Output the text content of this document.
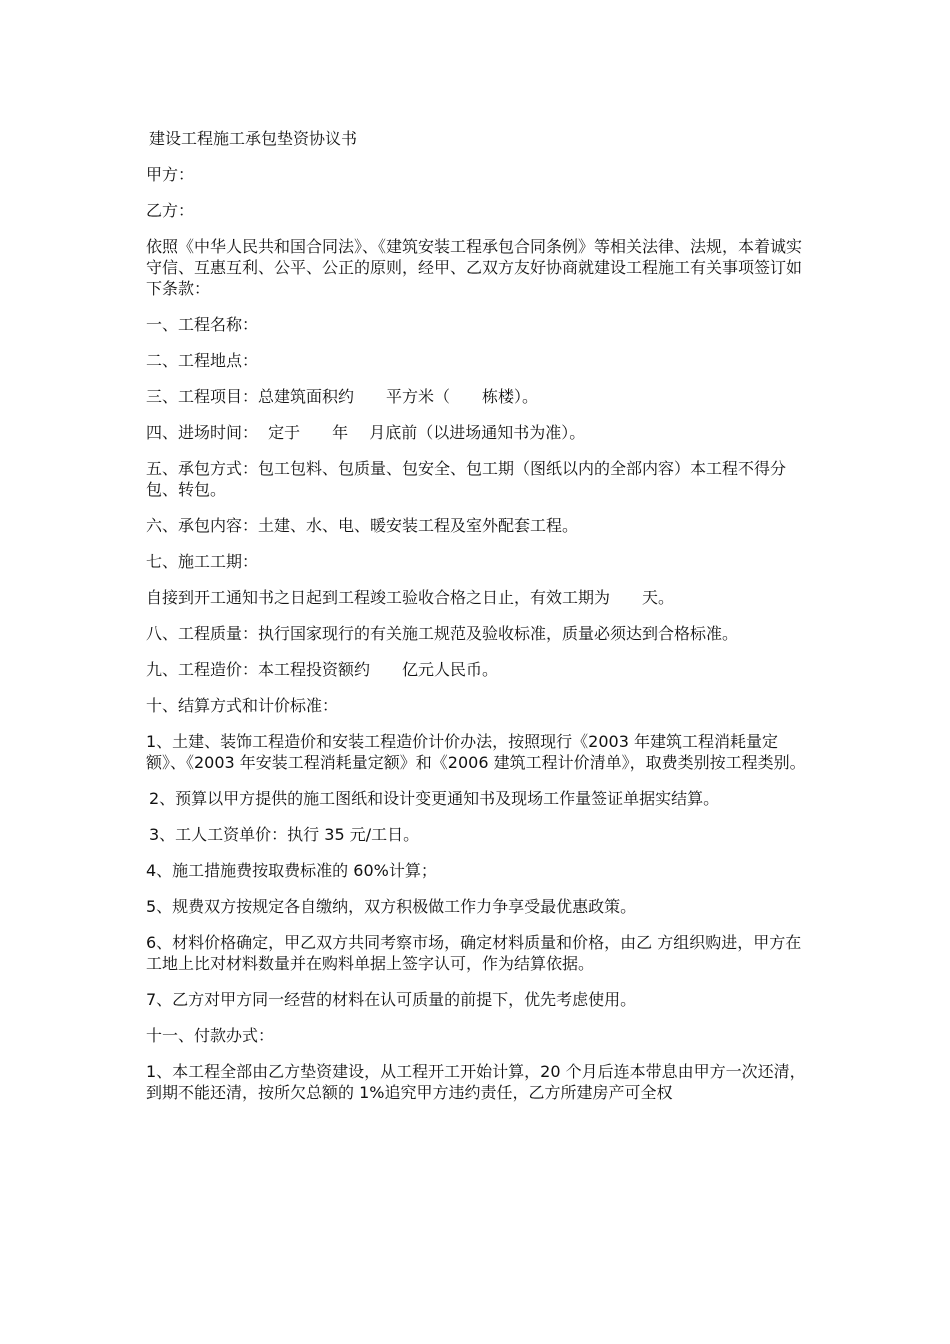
建设工程施工承包垫资协议书

甲方：

乙方：

依照《中华人民共和国合同法》、《建筑安装工程承包合同条例》等相关法律、法规，本着诚实守信、互惠互利、公平、公正的原则，经甲、乙双方友好协商就建设工程施工有关事项签订如下条款：

一、工程名称：

二、工程地点：

三、工程项目：总建筑面积约　　平方米（　　栋楼）。

四、进场时间：  定于　　年　 月底前（以进场通知书为准）。

五、承包方式：包工包料、包质量、包安全、包工期（图纸以内的全部内容）本工程不得分包、转包。

六、承包内容：土建、水、电、暖安装工程及室外配套工程。

七、施工工期：

自接到开工通知书之日起到工程竣工验收合格之日止，有效工期为　　天。

八、工程质量：执行国家现行的有关施工规范及验收标准，质量必须达到合格标准。

九、工程造价：本工程投资额约　　亿元人民币。

十、结算方式和计价标准：

1、土建、装饰工程造价和安装工程造价计价办法，按照现行《2003 年建筑工程消耗量定额》、《2003 年安装工程消耗量定额》和《2006 建筑工程计价清单》，取费类别按工程类别。

2、预算以甲方提供的施工图纸和设计变更通知书及现场工作量签证单据实结算。

3、工人工资单价：执行 35 元/工日。

4、施工措施费按取费标准的 60%计算；

5、规费双方按规定各自缴纳，双方积极做工作力争享受最优惠政策。

6、材料价格确定，甲乙双方共同考察市场，确定材料质量和价格，由乙 方组织购进，甲方在工地上比对材料数量并在购料单据上签字认可，作为结算依据。

7、乙方对甲方同一经营的材料在认可质量的前提下，优先考虑使用。

十一、付款办式：

1、本工程全部由乙方垫资建设，从工程开工开始计算，20 个月后连本带息由甲方一次还清，到期不能还清，按所欠总额的 1%追究甲方违约责任，乙方所建房产可全权
